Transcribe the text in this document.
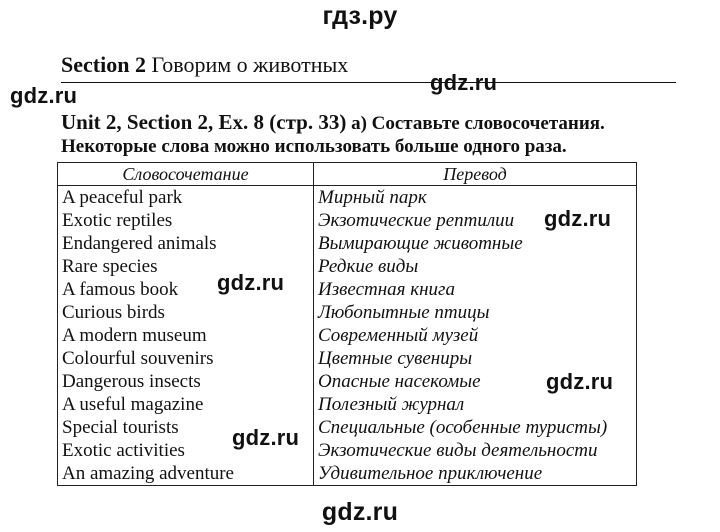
гдз.ру
Section 2 Говорим о животных
gdz.ru
gdz.ru
Unit 2, Section 2, Ex. 8 (стр. 33) а) Составьте словосочетания.
Некоторые слова можно использовать больше одного раза.
Словосочетание	Перевод
A peaceful park	Мирный парк
Exotic reptiles	Экзотические рептилии
Endangered animals	Вымирающие животные
Rare species	Редкие виды
A famous book	Известная книга
Curious birds	Любопытные птицы
A modern museum	Современный музей
Colourful souvenirs	Цветные сувениры
Dangerous insects	Опасные насекомые
A useful magazine	Полезный журнал
Special tourists	Специальные (особенные туристы)
Exotic activities	Экзотические виды деятельности
An amazing adventure	Удивительное приключение
gdz.ru
gdz.ru
gdz.ru
gdz.ru
gdz.ru
